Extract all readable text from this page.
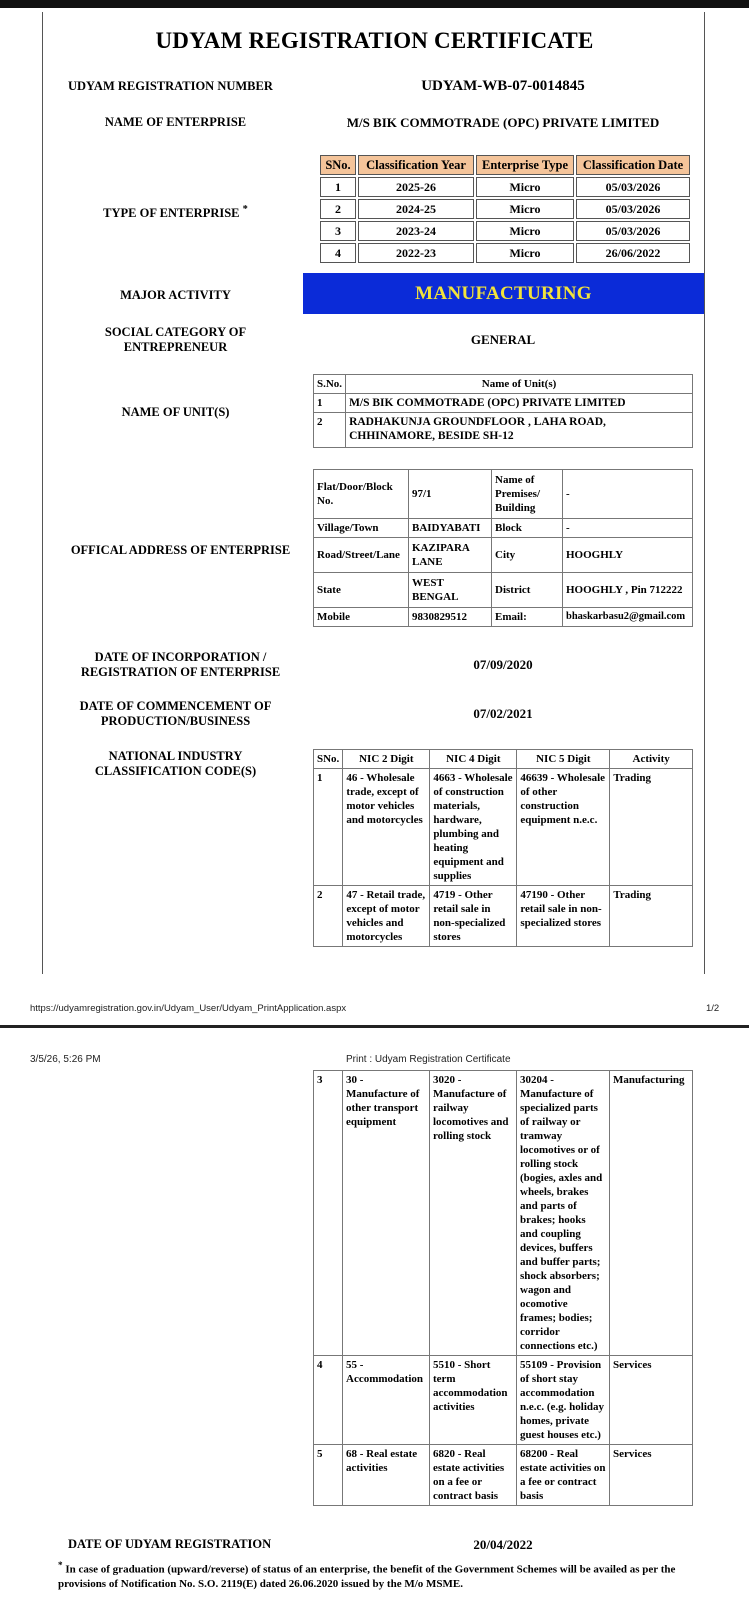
UDYAM REGISTRATION CERTIFICATE
UDYAM REGISTRATION NUMBER	UDYAM-WB-07-0014845
NAME OF ENTERPRISE	M/S BIK COMMOTRADE (OPC) PRIVATE LIMITED
TYPE OF ENTERPRISE *
SNo.	Classification Year	Enterprise Type	Classification Date
1	2025-26	Micro	05/03/2026
2	2024-25	Micro	05/03/2026
3	2023-24	Micro	05/03/2026
4	2022-23	Micro	26/06/2022
MAJOR ACTIVITY	MANUFACTURING
SOCIAL CATEGORY OF ENTREPRENEUR	GENERAL
NAME OF UNIT(S)
S.No.	Name of Unit(s)
1	M/S BIK COMMOTRADE (OPC) PRIVATE LIMITED
2	RADHAKUNJA GROUNDFLOOR , LAHA ROAD, CHHINAMORE, BESIDE SH-12
OFFICAL ADDRESS OF ENTERPRISE
Flat/Door/Block No.	97/1	Name of Premises/ Building	-
Village/Town	BAIDYABATI	Block	-
Road/Street/Lane	KAZIPARA LANE	City	HOOGHLY
State	WEST BENGAL	District	HOOGHLY , Pin 712222
Mobile	9830829512	Email:	bhaskarbasu2@gmail.com
DATE OF INCORPORATION / REGISTRATION OF ENTERPRISE	07/09/2020
DATE OF COMMENCEMENT OF PRODUCTION/BUSINESS	07/02/2021
NATIONAL INDUSTRY CLASSIFICATION CODE(S)
SNo.	NIC 2 Digit	NIC 4 Digit	NIC 5 Digit	Activity
1	46 - Wholesale trade, except of motor vehicles and motorcycles	4663 - Wholesale of construction materials, hardware, plumbing and heating equipment and supplies	46639 - Wholesale of other construction equipment n.e.c.	Trading
2	47 - Retail trade, except of motor vehicles and motorcycles	4719 - Other retail sale in non-specialized stores	47190 - Other retail sale in non-specialized stores	Trading
https://udyamregistration.gov.in/Udyam_User/Udyam_PrintApplication.aspx	1/2
3/5/26, 5:26 PM	Print : Udyam Registration Certificate
3	30 - Manufacture of other transport equipment	3020 - Manufacture of railway locomotives and rolling stock	30204 - Manufacture of specialized parts of railway or tramway locomotives or of rolling stock (bogies, axles and wheels, brakes and parts of brakes; hooks and coupling devices, buffers and buffer parts; shock absorbers; wagon and ocomotive frames; bodies; corridor connections etc.)	Manufacturing
4	55 - Accommodation	5510 - Short term accommodation activities	55109 - Provision of short stay accommodation n.e.c. (e.g. holiday homes, private guest houses etc.)	Services
5	68 - Real estate activities	6820 - Real estate activities on a fee or contract basis	68200 - Real estate activities on a fee or contract basis	Services
DATE OF UDYAM REGISTRATION	20/04/2022
* In case of graduation (upward/reverse) of status of an enterprise, the benefit of the Government Schemes will be availed as per the provisions of Notification No. S.O. 2119(E) dated 26.06.2020 issued by the M/o MSME.
